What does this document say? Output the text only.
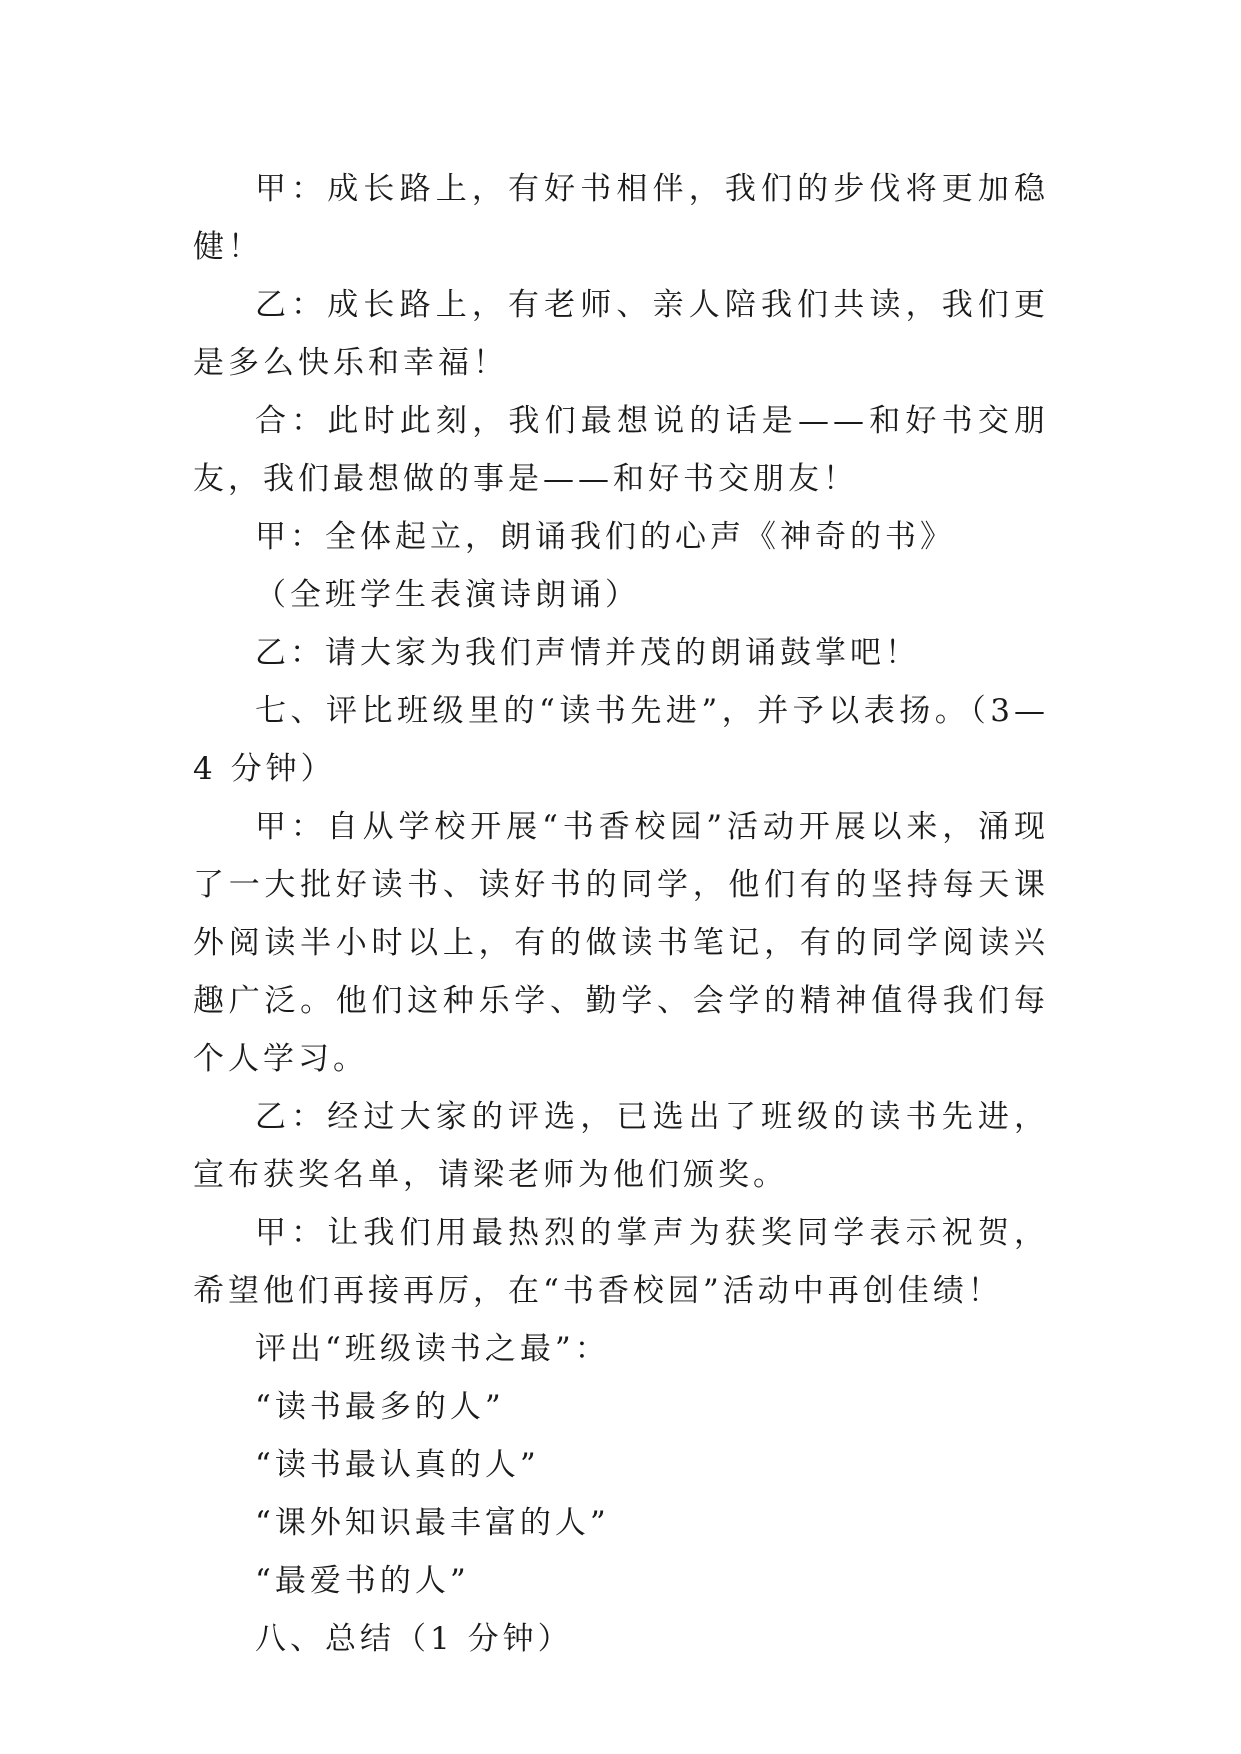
甲：成长路上，有好书相伴，我们的步伐将更加稳健！

乙：成长路上，有老师、亲人陪我们共读，我们更是多么快乐和幸福！

合：此时此刻，我们最想说的话是——和好书交朋友，我们最想做的事是——和好书交朋友！

甲：全体起立，朗诵我们的心声《神奇的书》

（全班学生表演诗朗诵）

乙：请大家为我们声情并茂的朗诵鼓掌吧！

七、评比班级里的“读书先进”，并予以表扬。（3—4 分钟）

甲：自从学校开展“书香校园”活动开展以来，涌现了一大批好读书、读好书的同学，他们有的坚持每天课外阅读半小时以上，有的做读书笔记，有的同学阅读兴趣广泛。他们这种乐学、勤学、会学的精神值得我们每个人学习。

乙：经过大家的评选，已选出了班级的读书先进，宣布获奖名单，请梁老师为他们颁奖。

甲：让我们用最热烈的掌声为获奖同学表示祝贺，希望他们再接再厉，在“书香校园”活动中再创佳绩！

评出“班级读书之最”：

“读书最多的人”

“读书最认真的人”

“课外知识最丰富的人”

“最爱书的人”

八、总结（1 分钟）
